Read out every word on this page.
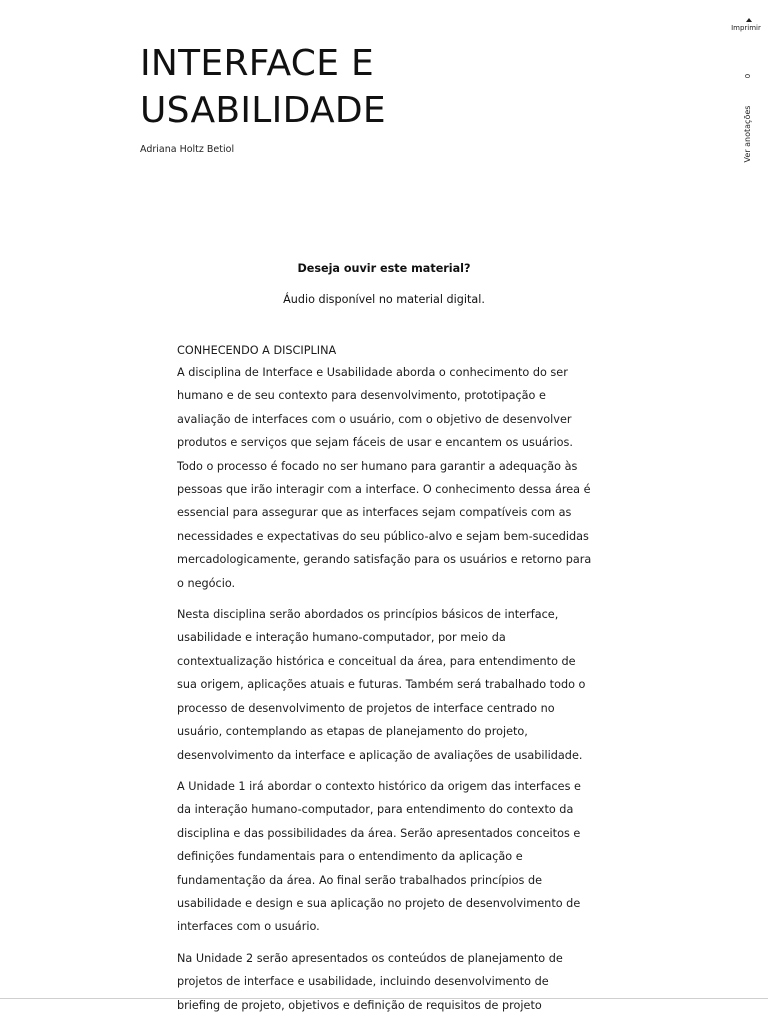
INTERFACE E
USABILIDADE
Adriana Holtz Betiol
Deseja ouvir este material?
Áudio disponível no material digital.
CONHECENDO A DISCIPLINA

A disciplina de Interface e Usabilidade aborda o conhecimento do ser humano e de seu contexto para desenvolvimento, prototipação e avaliação de interfaces com o usuário, com o objetivo de desenvolver produtos e serviços que sejam fáceis de usar e encantem os usuários. Todo o processo é focado no ser humano para garantir a adequação às pessoas que irão interagir com a interface. O conhecimento dessa área é essencial para assegurar que as interfaces sejam compatíveis com as necessidades e expectativas do seu público-alvo e sejam bem-sucedidas mercadologicamente, gerando satisfação para os usuários e retorno para o negócio.

Nesta disciplina serão abordados os princípios básicos de interface, usabilidade e interação humano-computador, por meio da contextualização histórica e conceitual da área, para entendimento de sua origem, aplicações atuais e futuras. Também será trabalhado todo o processo de desenvolvimento de projetos de interface centrado no usuário, contemplando as etapas de planejamento do projeto, desenvolvimento da interface e aplicação de avaliações de usabilidade.

A Unidade 1 irá abordar o contexto histórico da origem das interfaces e da interação humano-computador, para entendimento do contexto da disciplina e das possibilidades da área. Serão apresentados conceitos e definições fundamentais para o entendimento da aplicação e fundamentação da área. Ao final serão trabalhados princípios de usabilidade e design e sua aplicação no projeto de desenvolvimento de interfaces com o usuário.

Na Unidade 2 serão apresentados os conteúdos de planejamento de projetos de interface e usabilidade, incluindo desenvolvimento de briefing de projeto, objetivos e definição de requisitos de projeto

Imprimir
0
Ver anotações
